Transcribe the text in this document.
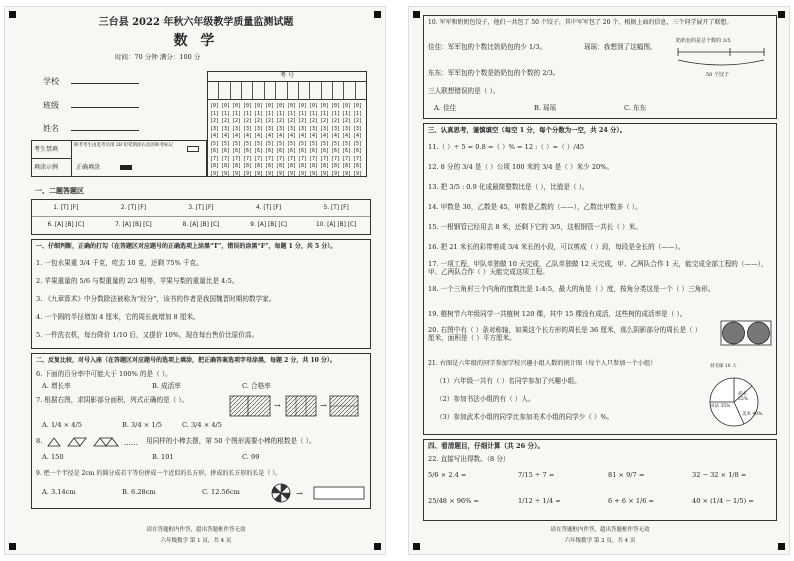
三台县 2022 年秋六年级教学质量监测试题
数 学
时间：70 分钟 满分：100 分
学校
班级
姓名
考 号
[0] [0] [0] [0] [0] [0] [0] [0] [0] [0] [0] [0] [0] [0]
[1] [1] [1] [1] [1] [1] [1] [1] [1] [1] [1] [1] [1] [1]
[2] [2] [2] [2] [2] [2] [2] [2] [2] [2] [2] [2] [2] [2]
[3] [3] [3] [3] [3] [3] [3] [3] [3] [3] [3] [3] [3] [3]
[4] [4] [4] [4] [4] [4] [4] [4] [4] [4] [4] [4] [4] [4]
[5] [5] [5] [5] [5] [5] [5] [5] [5] [5] [5] [5] [5] [5]
[6] [6] [6] [6] [6] [6] [6] [6] [6] [6] [6] [6] [6] [6]
[7] [7] [7] [7] [7] [7] [7] [7] [7] [7] [7] [7] [7] [7]
[8] [8] [8] [8] [8] [8] [8] [8] [8] [8] [8] [8] [8] [8]
[9] [9] [9] [9] [9] [9] [9] [9] [9] [9] [9] [9] [9] [9]
考生禁填
缺考考生由监考员用 2B 铅笔填涂右边的缺考标记
填涂示例	正确填涂
一、二题答题区
1. [T] [F]	2. [T] [F]	3. [T] [F]	4. [T] [F]	5. [T] [F]
6. [A] [B] [C]	7. [A] [B] [C]	8. [A] [B] [C]	9. [A] [B] [C]	10. [A] [B] [C]
一、仔细判断，正确的打勾（在答题区对应题号的正确选项上涂黑“T”，错误的涂黑“F”，每题 1 分，共 5 分）。
1. 一包水果重 3/4 千克，吃去 10 克，还剩 75% 千克。
2. 苹果重量的 5/6 与梨重量的 2/3 相等，苹果与梨的重量比是 4:5。
3. 《九章算术》中分数除法被称为“经分”，该书的作者是我国魏晋时期的数学家。
4. 一个圆的半径增加 4 厘米，它的周长就增加 8 厘米。
5. 一件洗衣机，每台降价 1/10 后，又提价 10%，现在每台售价比原价高。
二、反复比较，对号入座（在答题区对应题号的选项上填涂，把正确答案选项字母涂黑，每题 2 分，共 10 分）。
6. 下面的百分率中可能大于 100% 的是（ ）。
A. 增长率	B. 成活率	C. 合格率
7. 根据右图，求阴影部分面积，列式正确的是（ ）。
→	→
A. 1/4 × 4/5	B. 3/4 × 1/5	C. 3/4 × 4/5
8.	…… 用同样的小棒去摆，第 50 个图形需要小棒的根数是（ ）。
A. 150	B. 101	C. 99
9. 把一个半径是 2cm 的圆分成若干等份拼成一个近似的长方形，拼成的长方形的长是（ ）。
A. 3.14cm	B. 6.28cm	C. 12.56cm	→
请在答题框内作答，超出答题框作答无效
六年级数学 第 1 页，共 4 页
10. 军军和奶奶包饺子，他们一共包了 50 个饺子，其中军军包了 20 个，根据上面的信息，三个同学展开了联想。
佳佳：军军包的个数比奶奶包的少 1/3。	瑶瑶：我想到了这幅图。
奶奶包的是总个数的 3/5
50 个饺子
东东：军军包的个数是奶奶包的个数的 2/3。
三人联想错误的是（ ）。
A. 佳佳	B. 瑶瑶	C. 东东
三、认真思考，谨慎填空（每空 1 分，每个分数为一空，共 24 分）。
11.（ ）÷ 5 = 0.8 =（ ）% = 12 :（ ）=（ ）/45
12. 8 分的 3/4 是（ ）公顷 100 米的 3/4 是（ ）米少 20%。
13. 把 3/5 : 0.9 化成最简整数比是（ ），比值是（ ）。
14. 甲数是 30，乙数是 45，甲数是乙数的（——），乙数比甲数多（ ）。
15. 一根钢管已经用去 8 米，还剩下它的 3/5，这根钢管一共长（ ）米。
16. 把 21 米长的彩带剪成 3/4 米长的小段，可以剪成（ ）段，每段是全长的（——）。
17. 一项工程，甲队单独做 10 天完成，乙队单独做 12 天完成，甲、乙两队合作 1 天，能完成全部工程的（——），甲、乙两队合作（ ）天能完成这项工程。
18. 一个三角形三个内角的度数比是 1:4:5，最大的角是（ ）度，按角分类这是一个（ ）三角形。
19. 植树节六年级同学一共植树 120 棵，其中 15 棵没有成活，这些树的成活率是（ ）。
20. 右图中有（ ）条对称轴，如果这个长方形的周长是 36 厘米，那么阴影部分的周长是（ ）厘米，面积是（ ）平方厘米。
21. 右图是六年级的同学参加学校兴趣小组人数的统计图（每个人只参加一个小组）
（1）六年级一共有（ ）名同学参加了兴趣小组。
（2）参加书法小组的有（ ）人。
（3）参加武术小组的同学比参加美术小组的同学少（ ）%。
羽毛球 10 人
武术 25%
书法 35%
美术 40%
四、看清题目，仔细计算（共 26 分）。
22. 直接写出得数。（8 分）
5/6 × 2.4 =	7/15 ÷ 7 =	81 × 9/7 =	32 − 32 × 1/8 =
25/48 × 96% =	1/12 ÷ 1/4 =	6 + 6 × 1/6 =	40 × (1/4 − 1/5) =
请在答题框内作答，超出答题框作答无效
六年级数学 第 2 页，共 4 页
